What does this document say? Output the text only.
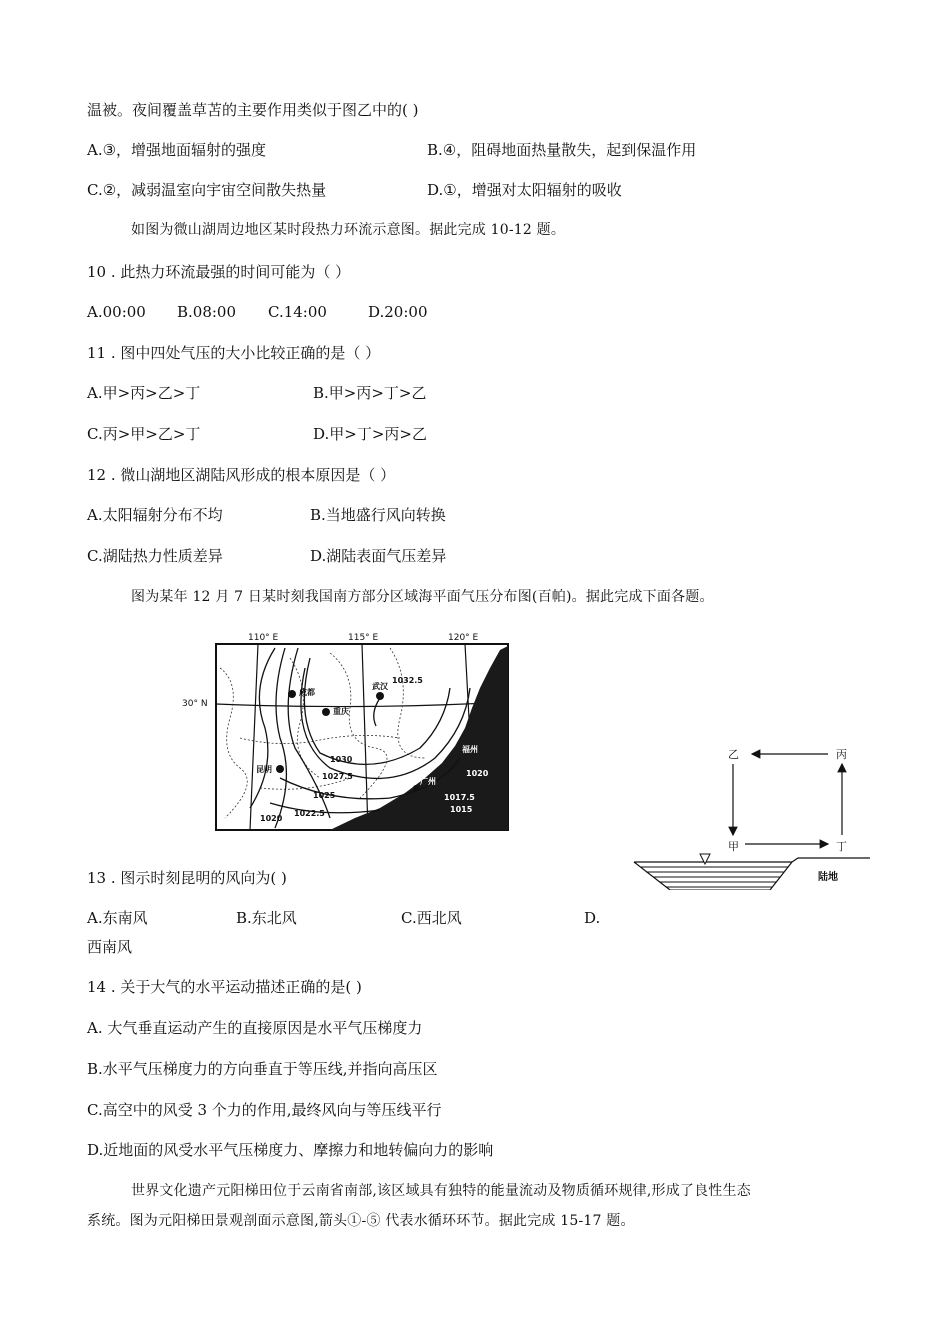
温被。夜间覆盖草苫的主要作用类似于图乙中的( )
A.③，增强地面辐射的强度	B.④，阻碍地面热量散失，起到保温作用
C.②，减弱温室向宇宙空间散失热量	D.①，增强对太阳辐射的吸收
如图为微山湖周边地区某时段热力环流示意图。据此完成 10-12 题。
10 . 此热力环流最强的时间可能为（ ）
A.00:00 B.08:00 C.14:00	D.20:00
11 . 图中四处气压的大小比较正确的是（ ）
A.甲>丙>乙>丁	B.甲>丙>丁>乙
C.丙>甲>乙>丁	D.甲>丁>丙>乙
12 . 微山湖地区湖陆风形成的根本原因是（ ）
A.太阳辐射分布不均	B.当地盛行风向转换
C.湖陆热力性质差异	D.湖陆表面气压差异
图为某年 12 月 7 日某时刻我国南方部分区域海平面气压分布图(百帕)。据此完成下面各题。
110° E	115° E	120° E
30° N
成都
武汉
上海
重庆
福州
昆明
广州
1032.5
1030
1027.5
1025
1022.5
1020
1020
1017.5
1015
乙	丙
甲	丁
陆地
13 . 图示时刻昆明的风向为( )
A.东南风	B.东北风	C.西北风	D.
西南风
14 . 关于大气的水平运动描述正确的是( )
A. 大气垂直运动产生的直接原因是水平气压梯度力
B.水平气压梯度力的方向垂直于等压线,并指向高压区
C.高空中的风受 3 个力的作用,最终风向与等压线平行
D.近地面的风受水平气压梯度力、摩擦力和地转偏向力的影响
世界文化遗产元阳梯田位于云南省南部,该区域具有独特的能量流动及物质循环规律,形成了良性生态
系统。图为元阳梯田景观剖面示意图,箭头①-⑤ 代表水循环环节。据此完成 15-17 题。
